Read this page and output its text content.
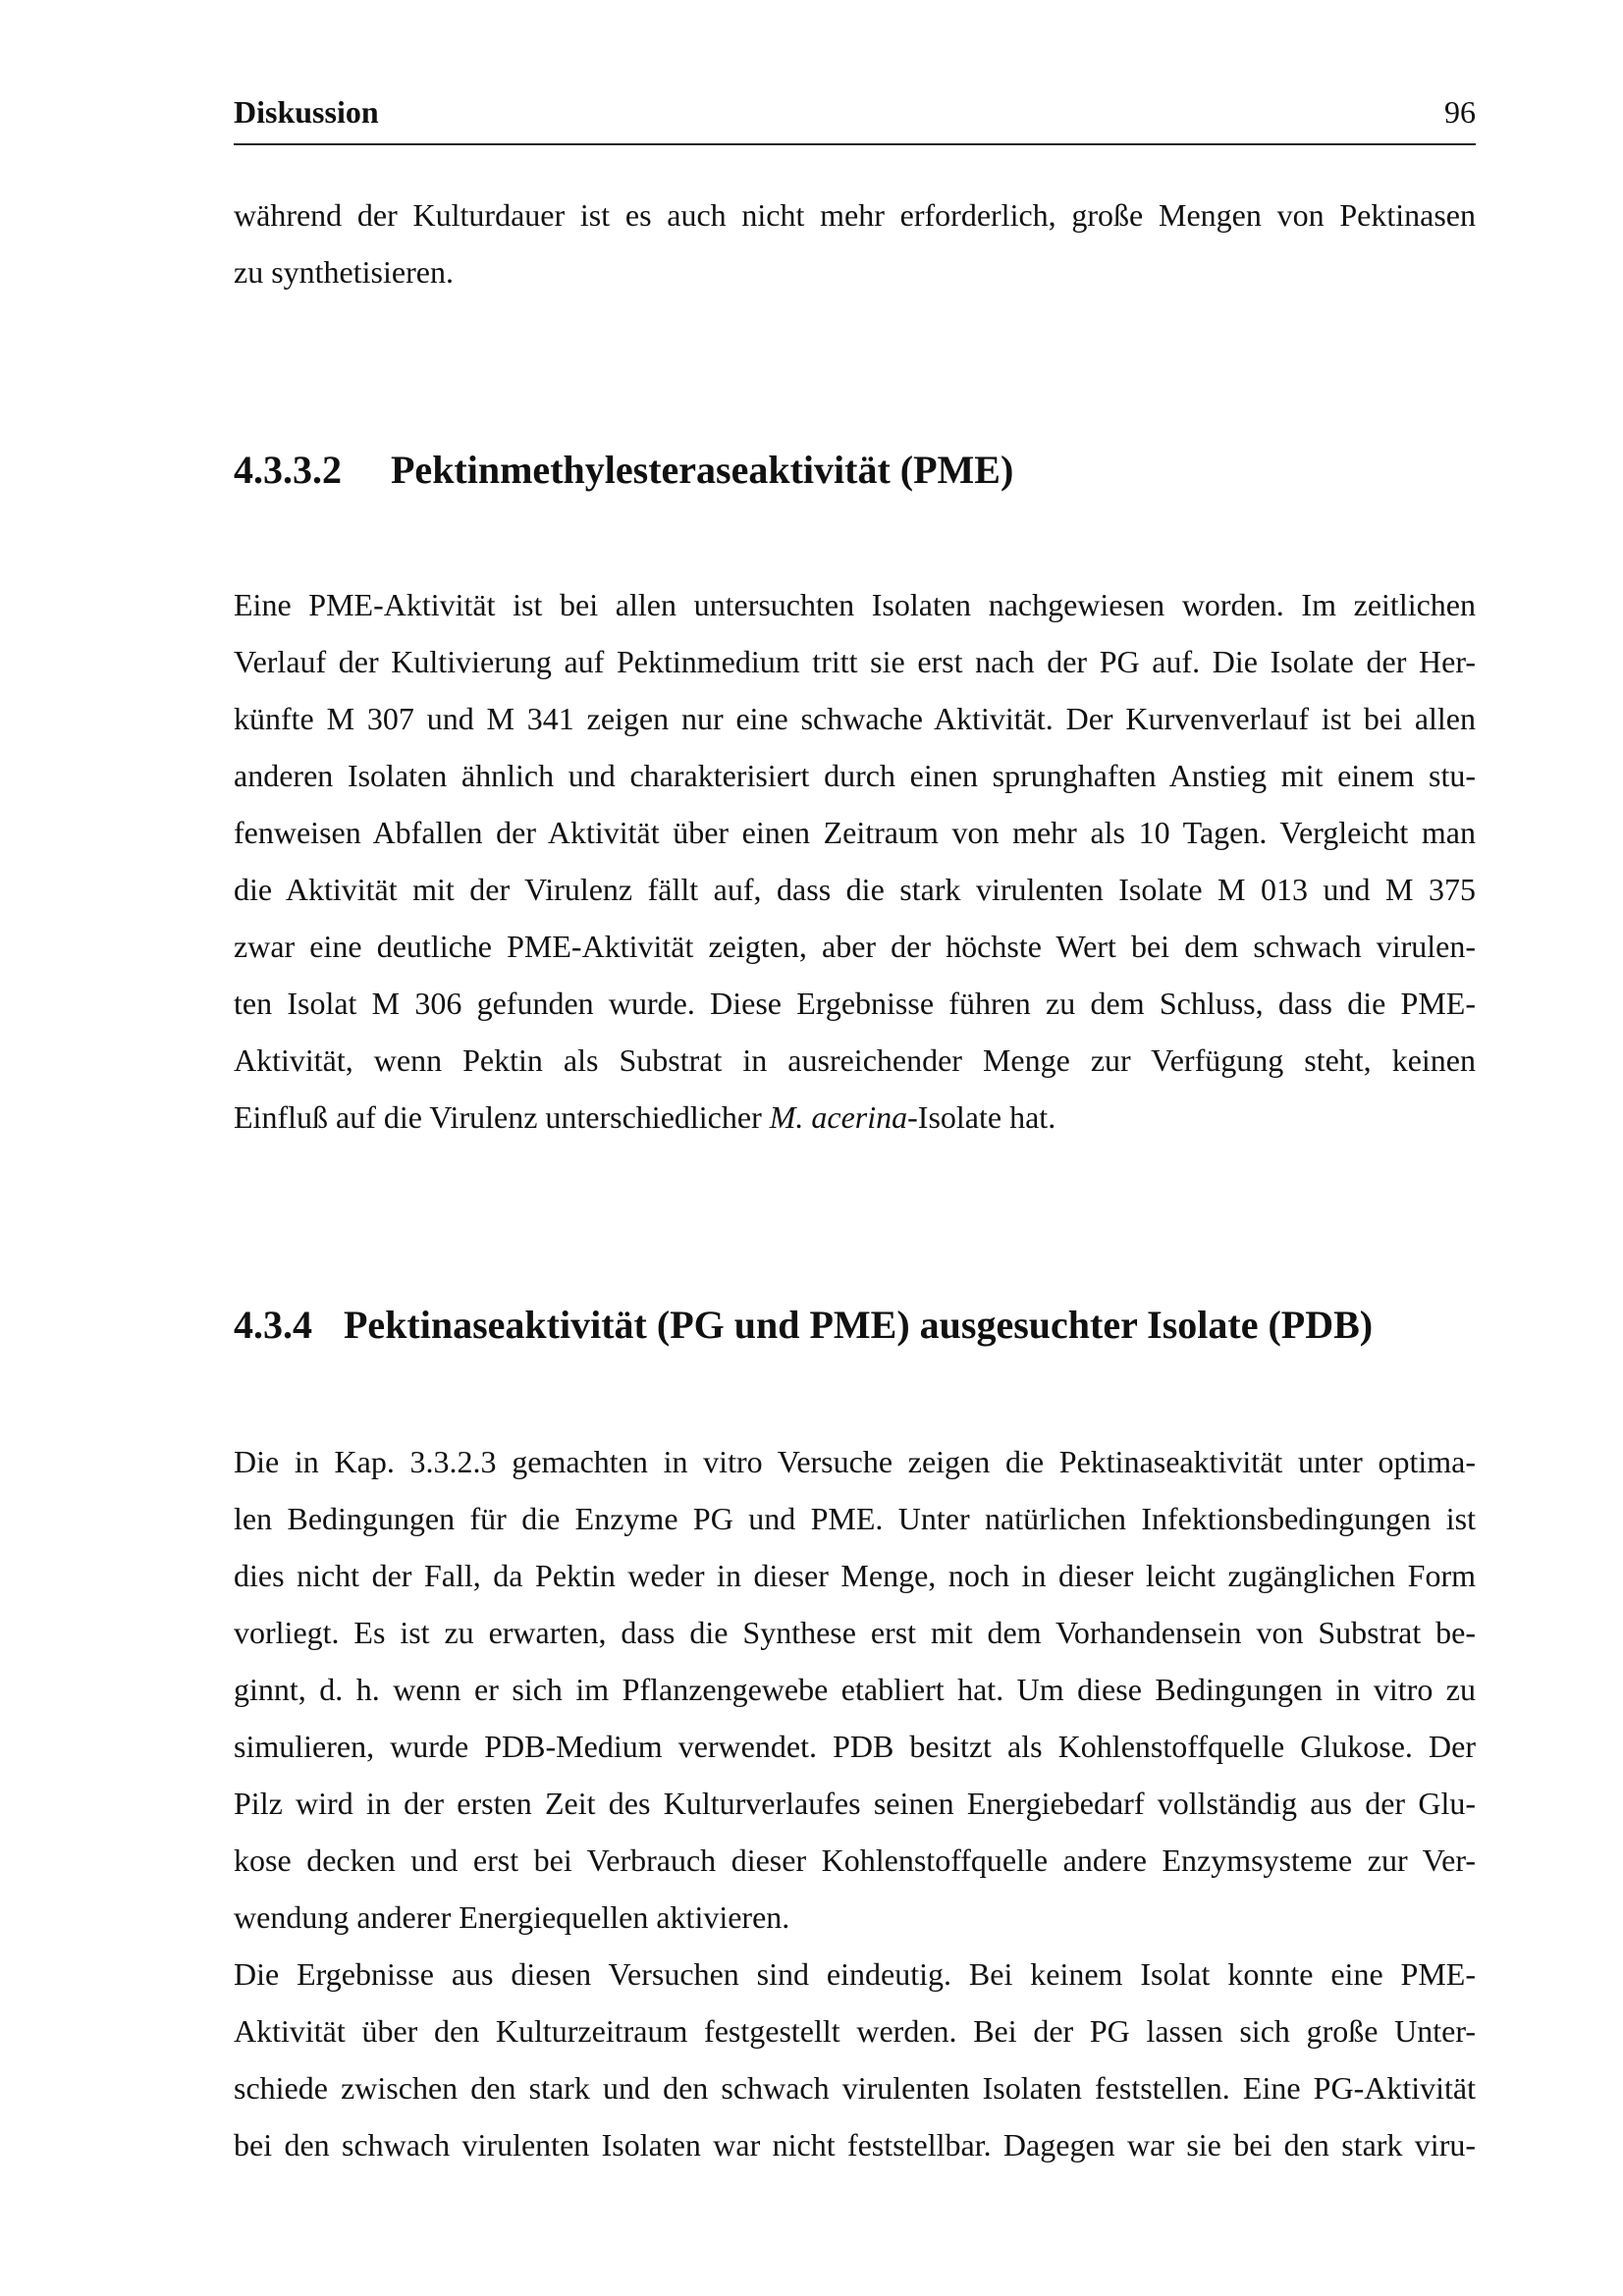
Diskussion	96
während der Kulturdauer ist es auch nicht mehr erforderlich, große Mengen von Pektinasen
zu synthetisieren.
4.3.3.2 Pektinmethylesteraseaktivität (PME)
Eine PME-Aktivität ist bei allen untersuchten Isolaten nachgewiesen worden. Im zeitlichen
Verlauf der Kultivierung auf Pektinmedium tritt sie erst nach der PG auf. Die Isolate der Her-
künfte M 307 und M 341 zeigen nur eine schwache Aktivität. Der Kurvenverlauf ist bei allen
anderen Isolaten ähnlich und charakterisiert durch einen sprunghaften Anstieg mit einem stu-
fenweisen Abfallen der Aktivität über einen Zeitraum von mehr als 10 Tagen. Vergleicht man
die Aktivität mit der Virulenz fällt auf, dass die stark virulenten Isolate M 013 und M 375
zwar eine deutliche PME-Aktivität zeigten, aber der höchste Wert bei dem schwach virulen-
ten Isolat M 306 gefunden wurde. Diese Ergebnisse führen zu dem Schluss, dass die PME-
Aktivität, wenn Pektin als Substrat in ausreichender Menge zur Verfügung steht, keinen
Einfluß auf die Virulenz unterschiedlicher M. acerina-Isolate hat.
4.3.4 Pektinaseaktivität (PG und PME) ausgesuchter Isolate (PDB)
Die in Kap. 3.3.2.3 gemachten in vitro Versuche zeigen die Pektinaseaktivität unter optima-
len Bedingungen für die Enzyme PG und PME. Unter natürlichen Infektionsbedingungen ist
dies nicht der Fall, da Pektin weder in dieser Menge, noch in dieser leicht zugänglichen Form
vorliegt. Es ist zu erwarten, dass die Synthese erst mit dem Vorhandensein von Substrat be-
ginnt, d. h. wenn er sich im Pflanzengewebe etabliert hat. Um diese Bedingungen in vitro zu
simulieren, wurde PDB-Medium verwendet. PDB besitzt als Kohlenstoffquelle Glukose. Der
Pilz wird in der ersten Zeit des Kulturverlaufes seinen Energiebedarf vollständig aus der Glu-
kose decken und erst bei Verbrauch dieser Kohlenstoffquelle andere Enzymsysteme zur Ver-
wendung anderer Energiequellen aktivieren.
Die Ergebnisse aus diesen Versuchen sind eindeutig. Bei keinem Isolat konnte eine PME-
Aktivität über den Kulturzeitraum festgestellt werden. Bei der PG lassen sich große Unter-
schiede zwischen den stark und den schwach virulenten Isolaten feststellen. Eine PG-Aktivität
bei den schwach virulenten Isolaten war nicht feststellbar. Dagegen war sie bei den stark viru-
